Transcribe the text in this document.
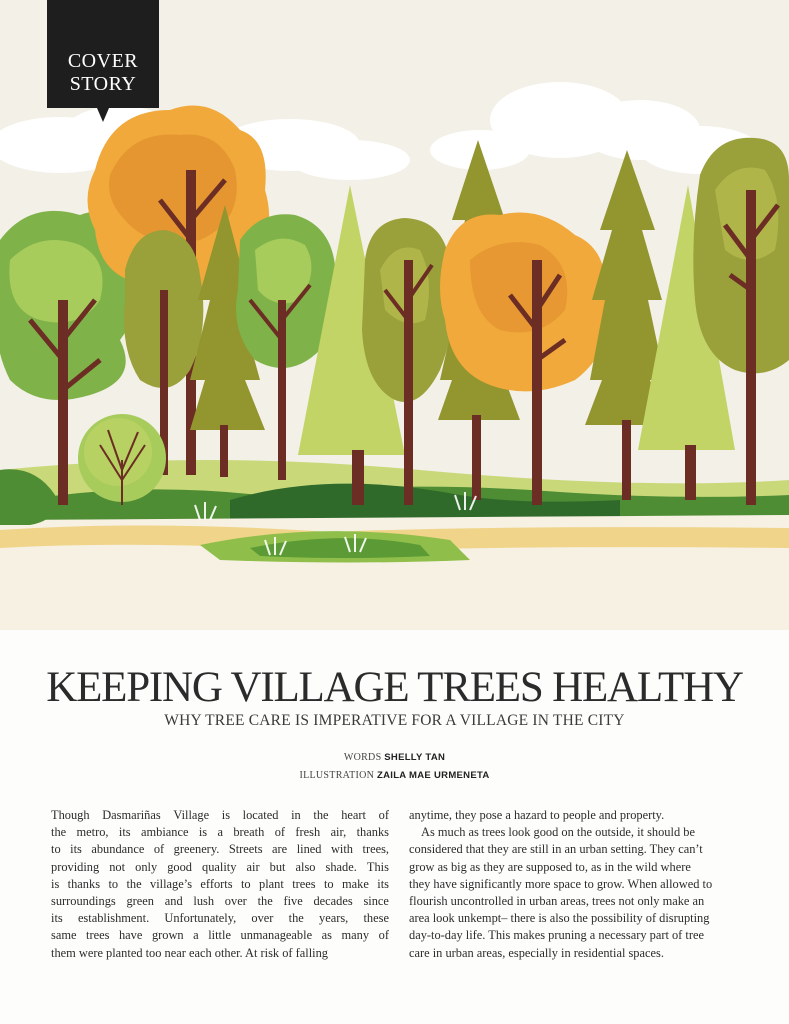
COVER
STORY
KEEPING VILLAGE TREES HEALTHY
WHY TREE CARE IS IMPERATIVE FOR A VILLAGE IN THE CITY
WORDS SHELLY TAN
ILLUSTRATION ZAILA MAE URMENETA
Though Dasmariñas Village is located in the heart of
the metro, its ambiance is a breath of fresh air, thanks
to its abundance of greenery. Streets are lined with trees,
providing not only good quality air but also shade. This
is thanks to the village’s efforts to plant trees to make its
surroundings green and lush over the five decades since
its establishment. Unfortunately, over the years, these
same trees have grown a little unmanageable as many of
them were planted too near each other. At risk of falling
anytime, they pose a hazard to people and property.
As much as trees look good on the outside, it should be
considered that they are still in an urban setting. They can’t
grow as big as they are supposed to, as in the wild where
they have significantly more space to grow. When allowed to
flourish uncontrolled in urban areas, trees not only make an
area look unkempt– there is also the possibility of disrupting
day-to-day life. This makes pruning a necessary part of tree
care in urban areas, especially in residential spaces.
